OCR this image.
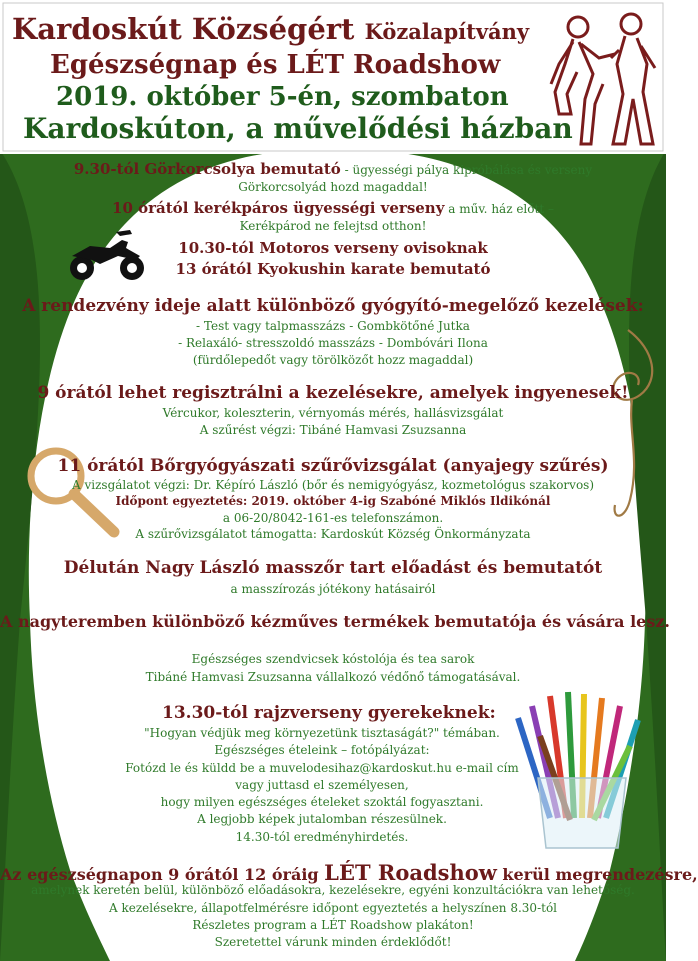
Kardoskút Községért Közalapítvány
Egészségnap és LÉT Roadshow
2019. október 5-én, szombaton
Kardoskúton, a művelődési házban
9.30-tól Görkorcsolya bemutató - ügyességi pálya kipróbálása és verseny
Görkorcsolyád hozd magaddal!
10 órától kerékpáros ügyességi verseny a műv. ház előtt –
Kerékpárod ne felejtsd otthon!
10.30-tól Motoros verseny ovisoknak
13 órától Kyokushin karate bemutató
A rendezvény ideje alatt különböző gyógyító-megelőző kezelések:
- Test vagy talpmasszázs - Gombkötőné Jutka
- Relaxáló- stresszoldó masszázs - Dombóvári Ilona
(fürdőlepedőt vagy törölközőt hozz magaddal)
9 órától lehet regisztrálni a kezelésekre, amelyek ingyenesek!
Vércukor, koleszterin, vérnyomás mérés, hallásvizsgálat
A szűrést végzi: Tibáné Hamvasi Zsuzsanna
11 órától Bőrgyógyászati szűrővizsgálat (anyajegy szűrés)
A vizsgálatot végzi: Dr. Képíró László (bőr és nemigyógyász, kozmetológus szakorvos)
Időpont egyeztetés: 2019. október 4-ig Szabóné Miklós Ildikónál
a 06-20/8042-161-es telefonszámon.
A szűrővizsgálatot támogatta: Kardoskút Község Önkormányzata
Délután Nagy László masszőr tart előadást és bemutatót
a masszírozás jótékony hatásairól
A nagyteremben különböző kézműves termékek bemutatója és vására lesz.
Egészséges szendvicsek kóstolója és tea sarok
Tibáné Hamvasi Zsuzsanna vállalkozó védőnő támogatásával.
13.30-tól rajzverseny gyerekeknek:
"Hogyan védjük meg környezetünk tisztaságát?" témában.
Egészséges ételeink – fotópályázat:
Fotózd le és küldd be a muvelodesihaz@kardoskut.hu e-mail cím
vagy juttasd el személyesen,
hogy milyen egészséges ételeket szoktál fogyasztani.
A legjobb képek jutalomban részesülnek.
14.30-tól eredményhirdetés.
Az egészségnapon 9 órától 12 óráig LÉT Roadshow kerül megrendezésre,
amelynek keretén belül, különböző előadásokra, kezelésekre, egyéni konzultációkra van lehetőség.
A kezelésekre, állapotfelmérésre időpont egyeztetés a helyszínen 8.30-tól
Részletes program a LÉT Roadshow plakáton!
Szeretettel várunk minden érdeklődőt!
